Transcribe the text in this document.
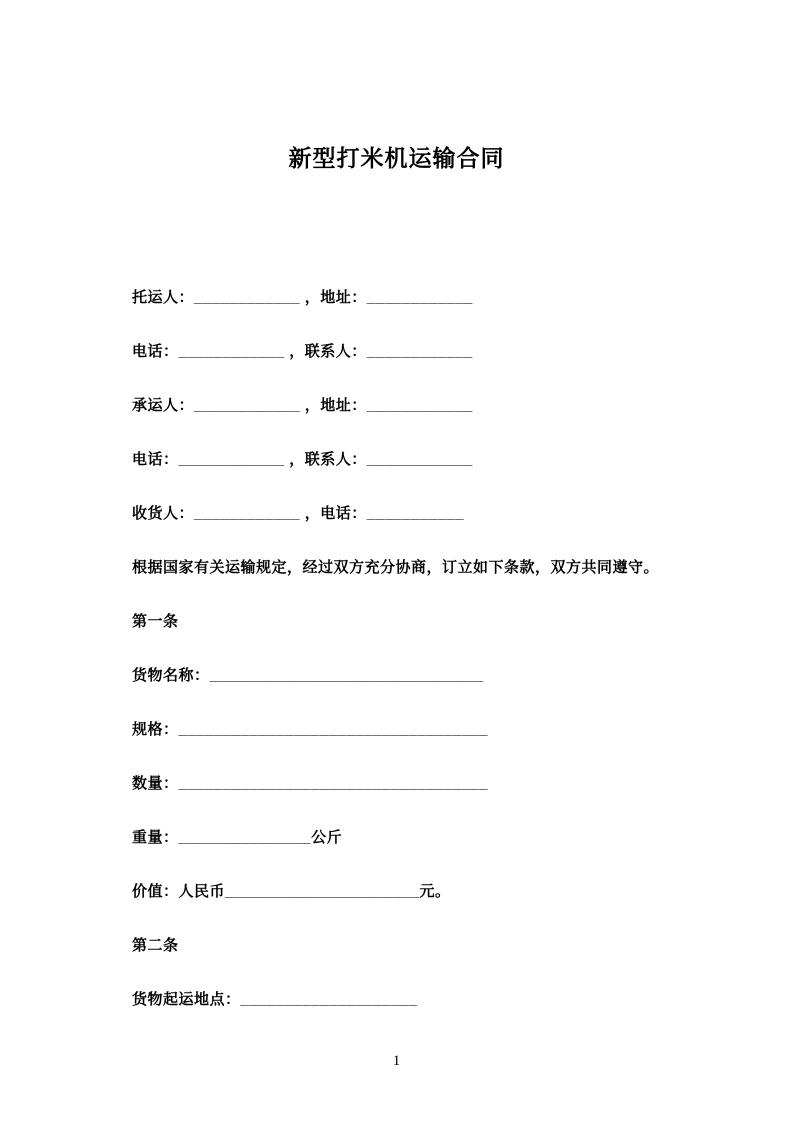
新型打米机运输合同

托运人：____________ ，地址：____________

电话：____________ ，联系人：____________

承运人：____________ ，地址：____________

电话：____________ ，联系人：____________

收货人：____________ ，电话：___________

根据国家有关运输规定，经过双方充分协商，订立如下条款，双方共同遵守。

第一条

货物名称：_______________________________

规格：___________________________________

数量：___________________________________

重量：_______________公斤

价值：人民币______________________元。

第二条

货物起运地点：____________________

1
